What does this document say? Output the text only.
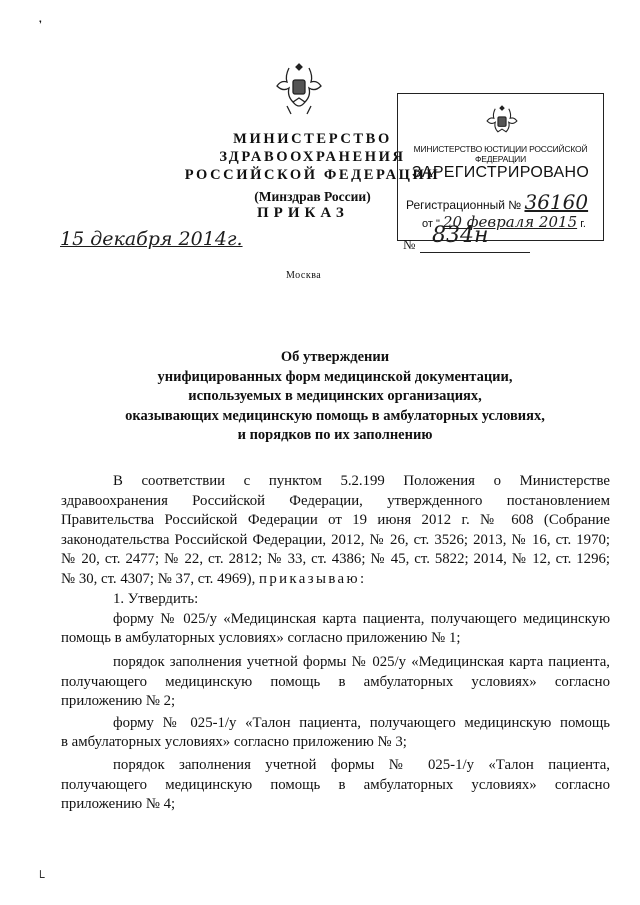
❜
МИНИСТЕРСТВО ЗДРАВООХРАНЕНИЯ
РОССИЙСКОЙ ФЕДЕРАЦИИ
(Минздрав России)
МИНИСТЕРСТВО ЮСТИЦИИ РОССИЙСКОЙ ФЕДЕРАЦИИ
ЗАРЕГИСТРИРОВАНО
Регистрационный № 36160
от " 20 февраля 2015 г.
ПРИКАЗ
15 декабря 2014г.	№ 834н
Москва
Об утверждении
унифицированных форм медицинской документации,
используемых в медицинских организациях,
оказывающих медицинскую помощь в амбулаторных условиях,
и порядков по их заполнению
В соответствии с пунктом 5.2.199 Положения о Министерстве
здравоохранения Российской Федерации, утвержденного постановлением
Правительства Российской Федерации от 19 июня 2012 г. № 608 (Собрание
законодательства Российской Федерации, 2012, № 26, ст. 3526; 2013, № 16, ст. 1970;
№ 20, ст. 2477; № 22, ст. 2812; № 33, ст. 4386; № 45, ст. 5822; 2014, № 12, ст. 1296;
№ 30, ст. 4307; № 37, ст. 4969), приказываю:
1. Утвердить:
форму № 025/у «Медицинская карта пациента, получающего медицинскую
помощь в амбулаторных условиях» согласно приложению № 1;
порядок заполнения учетной формы № 025/у «Медицинская карта пациента,
получающего медицинскую помощь в амбулаторных условиях» согласно
приложению № 2;
форму № 025-1/у «Талон пациента, получающего медицинскую помощь
в амбулаторных условиях» согласно приложению № 3;
порядок заполнения учетной формы № 025-1/у «Талон пациента,
получающего медицинскую помощь в амбулаторных условиях» согласно
приложению № 4;
└
